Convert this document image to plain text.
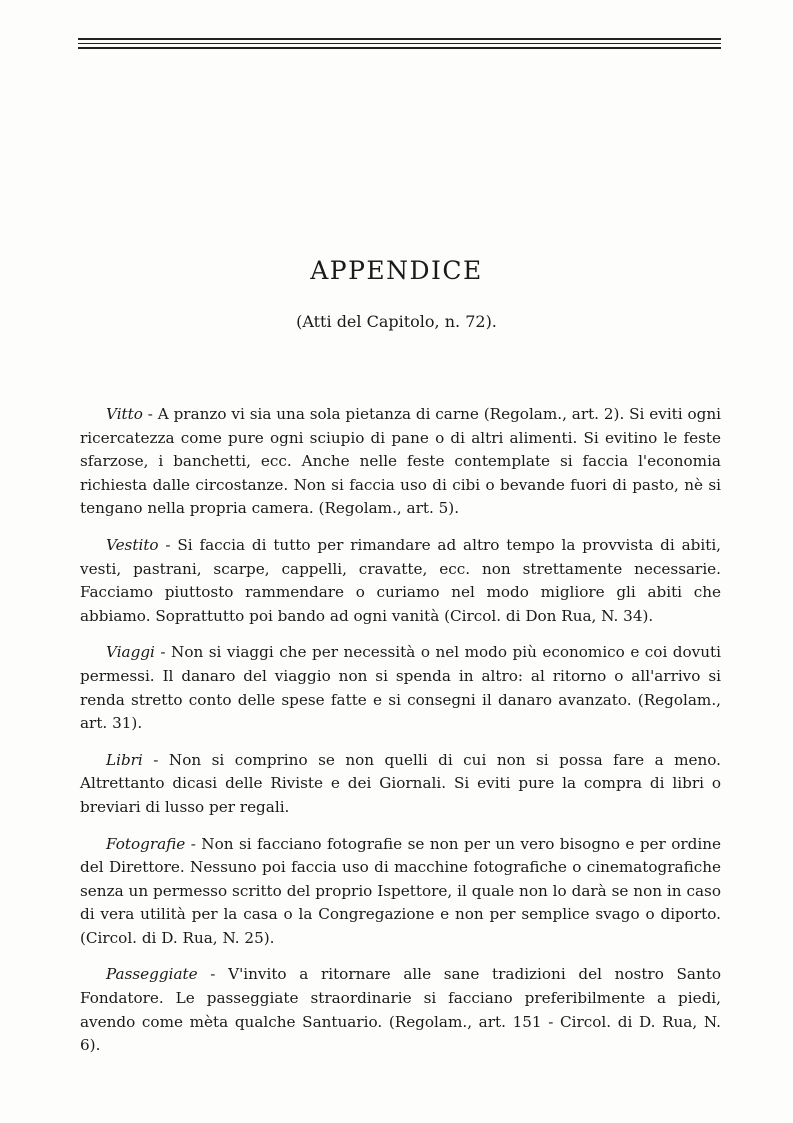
APPENDICE
(Atti del Capitolo, n. 72).

Vitto - A pranzo vi sia una sola pietanza di carne (Regolam., art. 2). Si eviti ogni ricercatezza come pure ogni sciupio di pane o di altri alimenti. Si evitino le feste sfarzose, i banchetti, ecc. Anche nelle feste contemplate si faccia l'economia richiesta dalle circostanze. Non si faccia uso di cibi o bevande fuori di pasto, nè si tengano nella propria camera. (Regolam., art. 5).

Vestito - Si faccia di tutto per rimandare ad altro tempo la provvista di abiti, vesti, pastrani, scarpe, cappelli, cravatte, ecc. non strettamente necessarie. Facciamo piuttosto rammendare o curiamo nel modo migliore gli abiti che abbiamo. Soprattutto poi bando ad ogni vanità (Circol. di Don Rua, N. 34).

Viaggi - Non si viaggi che per necessità o nel modo più economico e coi dovuti permessi. Il danaro del viaggio non si spenda in altro: al ritorno o all'arrivo si renda stretto conto delle spese fatte e si consegni il danaro avanzato. (Regolam., art. 31).

Libri - Non si comprino se non quelli di cui non si possa fare a meno. Altrettanto dicasi delle Riviste e dei Giornali. Si eviti pure la compra di libri o breviari di lusso per regali.

Fotografie - Non si facciano fotografie se non per un vero bisogno e per ordine del Direttore. Nessuno poi faccia uso di macchine fotografiche o cinematografiche senza un permesso scritto del proprio Ispettore, il quale non lo darà se non in caso di vera utilità per la casa o la Congregazione e non per semplice svago o diporto. (Circol. di D. Rua, N. 25).

Passeggiate - V'invito a ritornare alle sane tradizioni del nostro Santo Fondatore. Le passeggiate straordinarie si facciano preferibilmente a piedi, avendo come mèta qualche Santuario. (Regolam., art. 151 - Circol. di D. Rua, N. 6).
